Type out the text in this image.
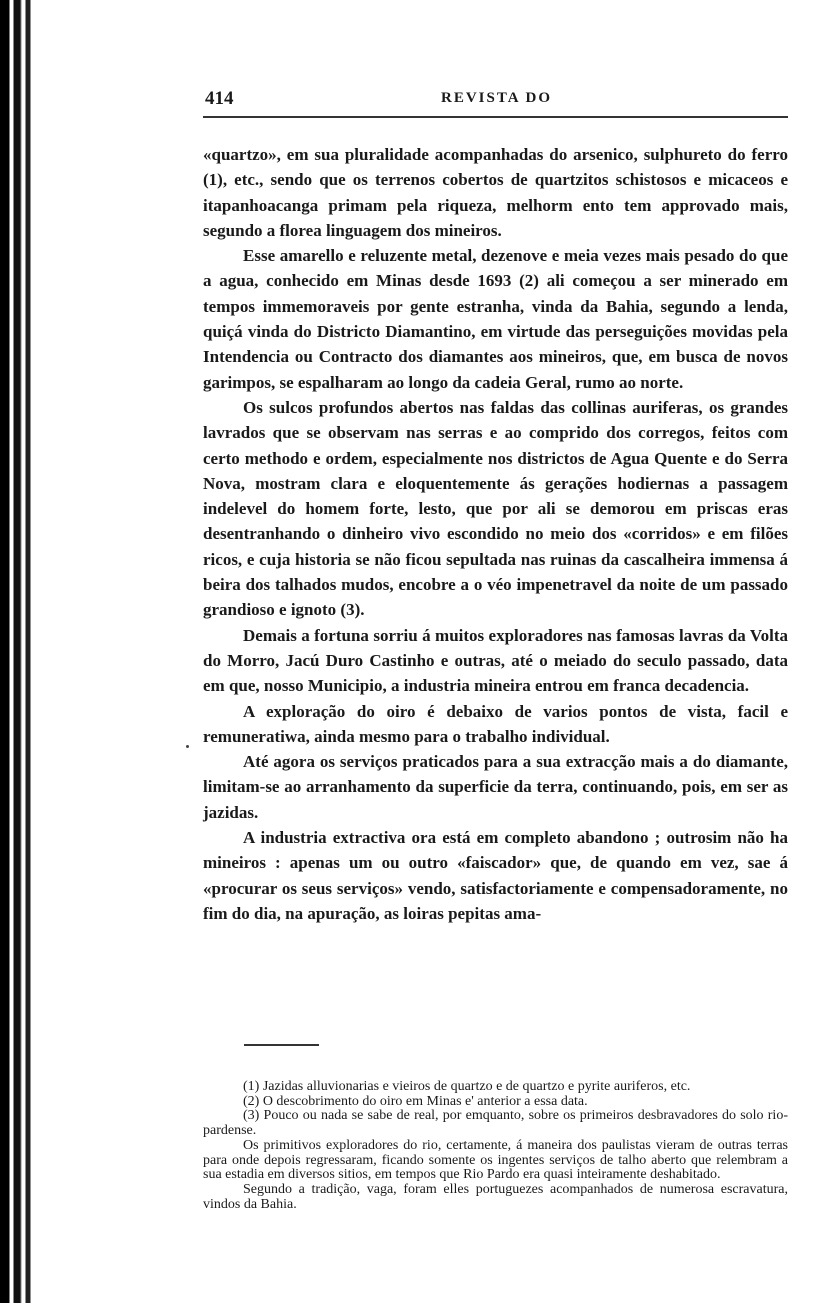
414	REVISTA DO

«quartzo», em sua pluralidade acompanhadas do arsenico, sulphureto do ferro (1), etc., sendo que os terrenos cobertos de quartzitos schistosos e micaceos e itapanhoacanga primam pela riqueza, melhorm ento tem approvado mais, segundo a florea linguagem dos mineiros.

Esse amarello e reluzente metal, dezenove e meia vezes mais pesado do que a agua, conhecido em Minas desde 1693 (2) ali começou a ser minerado em tempos immemoraveis por gente estranha, vinda da Bahia, segundo a lenda, quiçá vinda do Districto Diamantino, em virtude das perseguições movidas pela Intendencia ou Contracto dos diamantes aos mineiros, que, em busca de novos garimpos, se espalharam ao longo da cadeia Geral, rumo ao norte.

Os sulcos profundos abertos nas faldas das collinas auriferas, os grandes lavrados que se observam nas serras e ao comprido dos corregos, feitos com certo methodo e ordem, especialmente nos districtos de Agua Quente e do Serra Nova, mostram clara e eloquentemente ás gerações hodiernas a passagem indelevel do homem forte, lesto, que por ali se demorou em priscas eras desentranhando o dinheiro vivo escondido no meio dos «corridos» e em filões ricos, e cuja historia se não ficou sepultada nas ruinas da cascalheira immensa á beira dos talhados mudos, encobre a o véo impenetravel da noite de um passado grandioso e ignoto (3).

Demais a fortuna sorriu á muitos exploradores nas famosas lavras da Volta do Morro, Jacú Duro Castinho e outras, até o meiado do seculo passado, data em que, nosso Municipio, a industria mineira entrou em franca decadencia.

A exploração do oiro é debaixo de varios pontos de vista, facil e remuneratiwa, ainda mesmo para o trabalho individual.

Até agora os serviços praticados para a sua extracção mais a do diamante, limitam-se ao arranhamento da superficie da terra, continuando, pois, em ser as jazidas.

A industria extractiva ora está em completo abandono ; outrosim não ha mineiros : apenas um ou outro «faiscador» que, de quando em vez, sae á «procurar os seus serviços» vendo, satisfactoriamente e compensadoramente, no fim do dia, na apuração, as loiras pepitas ama-

(1) Jazidas alluvionarias e vieiros de quartzo e de quartzo e pyrite auriferos, etc.

(2) O descobrimento do oiro em Minas e' anterior a essa data.

(3) Pouco ou nada se sabe de real, por emquanto, sobre os primeiros desbravadores do solo rio-pardense.

Os primitivos exploradores do rio, certamente, á maneira dos paulistas vieram de outras terras para onde depois regressaram, ficando somente os ingentes serviços de talho aberto que relembram a sua estadia em diversos sitios, em tempos que Rio Pardo era quasi inteiramente deshabitado.

Segundo a tradição, vaga, foram elles portuguezes acompanhados de numerosa escravatura, vindos da Bahia.
